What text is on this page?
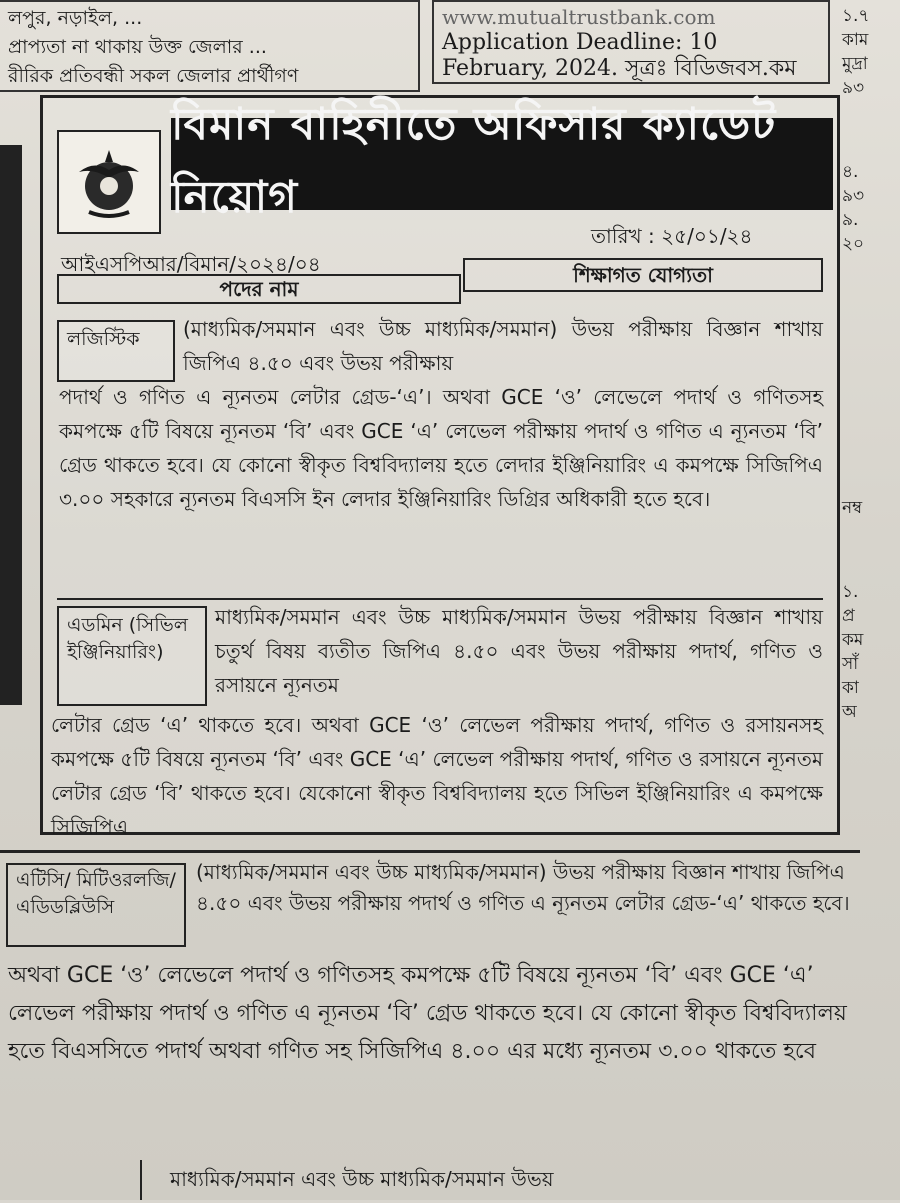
লপুর, নড়াইল, ...
প্রাপ্যতা না থাকায় উক্ত জেলার ...
রীরিক প্রতিবন্ধী সকল জেলার প্রার্থীগণ
www.mutualtrustbank.com
Application Deadline: 10
February, 2024. সূত্রঃ বিডিজবস.কম
১.৭
কাম
মুদ্রা
৯৩
৪.
৯৩
৯.
২০
নম্ব
১.
প্র
কম
সাঁ
কা
অ
বিমান বাহিনীতে অফিসার ক্যাডেট নিয়োগ
তারিখ : ২৫/০১/২৪
আইএসপিআর/বিমান/২০২৪/০৪
পদের নাম
শিক্ষাগত যোগ্যতা
লজিস্টিক	(মাধ্যমিক/সমমান এবং উচ্চ মাধ্যমিক/সমমান) উভয় পরীক্ষায় বিজ্ঞান শাখায় জিপিএ ৪.৫০ এবং উভয় পরীক্ষায়
পদার্থ ও গণিত এ ন্যূনতম লেটার গ্রেড-‘এ’। অথবা GCE ‘ও’ লেভেলে পদার্থ ও গণিতসহ কমপক্ষে ৫টি বিষয়ে ন্যূনতম ‘বি’ এবং GCE ‘এ’ লেভেল পরীক্ষায় পদার্থ ও গণিত এ ন্যূনতম ‘বি’ গ্রেড থাকতে হবে। যে কোনো স্বীকৃত বিশ্ববিদ্যালয় হতে লেদার ইঞ্জিনিয়ারিং এ কমপক্ষে সিজিপিএ ৩.০০ সহকারে ন্যূনতম বিএসসি ইন লেদার ইঞ্জিনিয়ারিং ডিগ্রির অধিকারী হতে হবে।
এডমিন (সিভিল ইঞ্জিনিয়ারিং)
মাধ্যমিক/সমমান এবং উচ্চ মাধ্যমিক/সমমান উভয় পরীক্ষায় বিজ্ঞান শাখায় চতুর্থ বিষয় ব্যতীত জিপিএ ৪.৫০ এবং উভয় পরীক্ষায় পদার্থ, গণিত ও রসায়নে ন্যূনতম
লেটার গ্রেড ‘এ’ থাকতে হবে। অথবা GCE ‘ও’ লেভেল পরীক্ষায় পদার্থ, গণিত ও রসায়নসহ কমপক্ষে ৫টি বিষয়ে ন্যূনতম ‘বি’ এবং GCE ‘এ’ লেভেল পরীক্ষায় পদার্থ, গণিত ও রসায়নে ন্যূনতম লেটার গ্রেড ‘বি’ থাকতে হবে। যেকোনো স্বীকৃত বিশ্ববিদ্যালয় হতে সিভিল ইঞ্জিনিয়ারিং এ কমপক্ষে সিজিপিএ
এটিসি/ মিটিওরলজি/ এডিডব্লিউসি
(মাধ্যমিক/সমমান এবং উচ্চ মাধ্যমিক/সমমান) উভয় পরীক্ষায় বিজ্ঞান শাখায় জিপিএ ৪.৫০ এবং উভয় পরীক্ষায় পদার্থ ও গণিত এ ন্যূনতম লেটার গ্রেড-‘এ’ থাকতে হবে।
অথবা GCE ‘ও’ লেভেলে পদার্থ ও গণিতসহ কমপক্ষে ৫টি বিষয়ে ন্যূনতম ‘বি’ এবং GCE ‘এ’ লেভেল পরীক্ষায় পদার্থ ও গণিত এ ন্যূনতম ‘বি’ গ্রেড থাকতে হবে। যে কোনো স্বীকৃত বিশ্ববিদ্যালয় হতে বিএসসিতে পদার্থ অথবা গণিত সহ সিজিপিএ ৪.০০ এর মধ্যে ন্যূনতম ৩.০০ থাকতে হবে
মাধ্যমিক/সমমান এবং উচ্চ মাধ্যমিক/সমমান উভয়
